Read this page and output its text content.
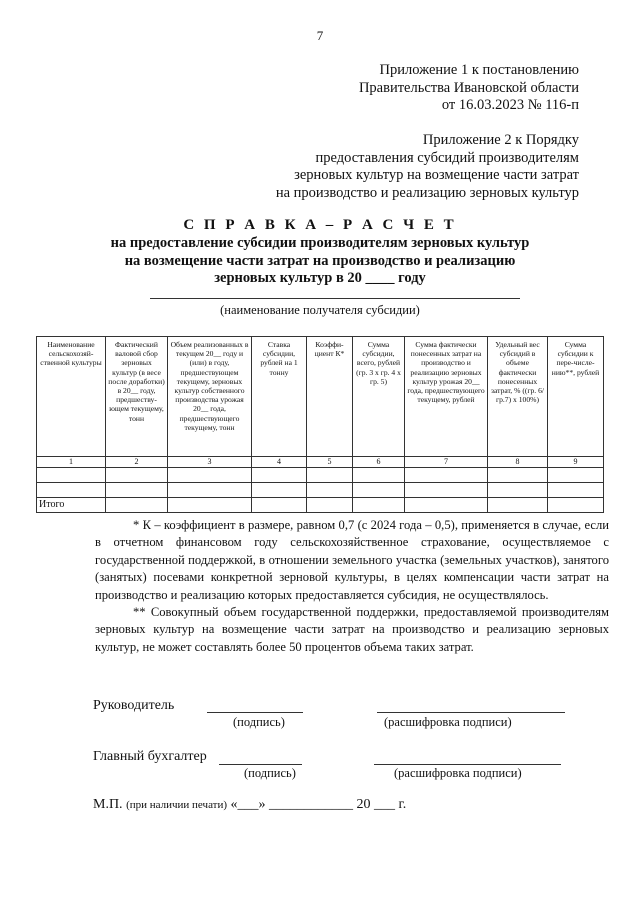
7
Приложение 1 к постановлению
Правительства Ивановской области
от 16.03.2023 № 116-п
Приложение 2 к Порядку
предоставления субсидий производителям
зерновых культур на возмещение части затрат
на производство и реализацию зерновых культур
С П Р А В К А – Р А С Ч Е Т
на предоставление субсидии производителям зерновых культур
на возмещение части затрат на производство и реализацию
зерновых культур в 20 ____ году
(наименование получателя субсидии)
Наименование сельскохозяй-ственной культуры	Фактический валовой сбор зерновых культур (в весе после доработки) в 20__ году, предшеству-ющем текущему, тонн	Объем реализованных в текущем 20__ году и (или) в году, предшествующем текущему, зерновых культур собственного производства урожая 20__ года, предшествующего текущему, тонн	Ставка субсидии, рублей на 1 тонну	Коэффи-циент К*	Сумма субсидии, всего, рублей (гр. 3 х гр. 4 х гр. 5)	Сумма фактически понесенных затрат на производство и реализацию зерновых культур урожая 20__ года, предшествующего текущему, рублей	Удельный вес субсидий в объеме фактически понесенных затрат, % ((гр. 6/ гр.7) х 100%)	Сумма субсидии к пере-числе-нию**, рублей
1	2	3	4	5	6	7	8	9

Итого								

* К – коэффициент в размере, равном 0,7 (с 2024 года – 0,5), применяется в случае, если в отчетном финансовом году сельскохозяйственное страхование, осуществляемое с государственной поддержкой, в отношении земельного участка (земельных участков), занятого (занятых) посевами конкретной зерновой культуры, в целях компенсации части затрат на производство и реализацию которых предоставляется субсидия, не осуществлялось.

** Совокупный объем государственной поддержки, предоставляемой производителям зерновых культур на возмещение части затрат на производство и реализацию зерновых культур, не может составлять более 50 процентов объема таких затрат.

Руководитель
(подпись)	(расшифровка подписи)
Главный бухгалтер
(подпись)	(расшифровка подписи)
М.П. (при наличии печати) «___» ____________ 20 ___ г.
